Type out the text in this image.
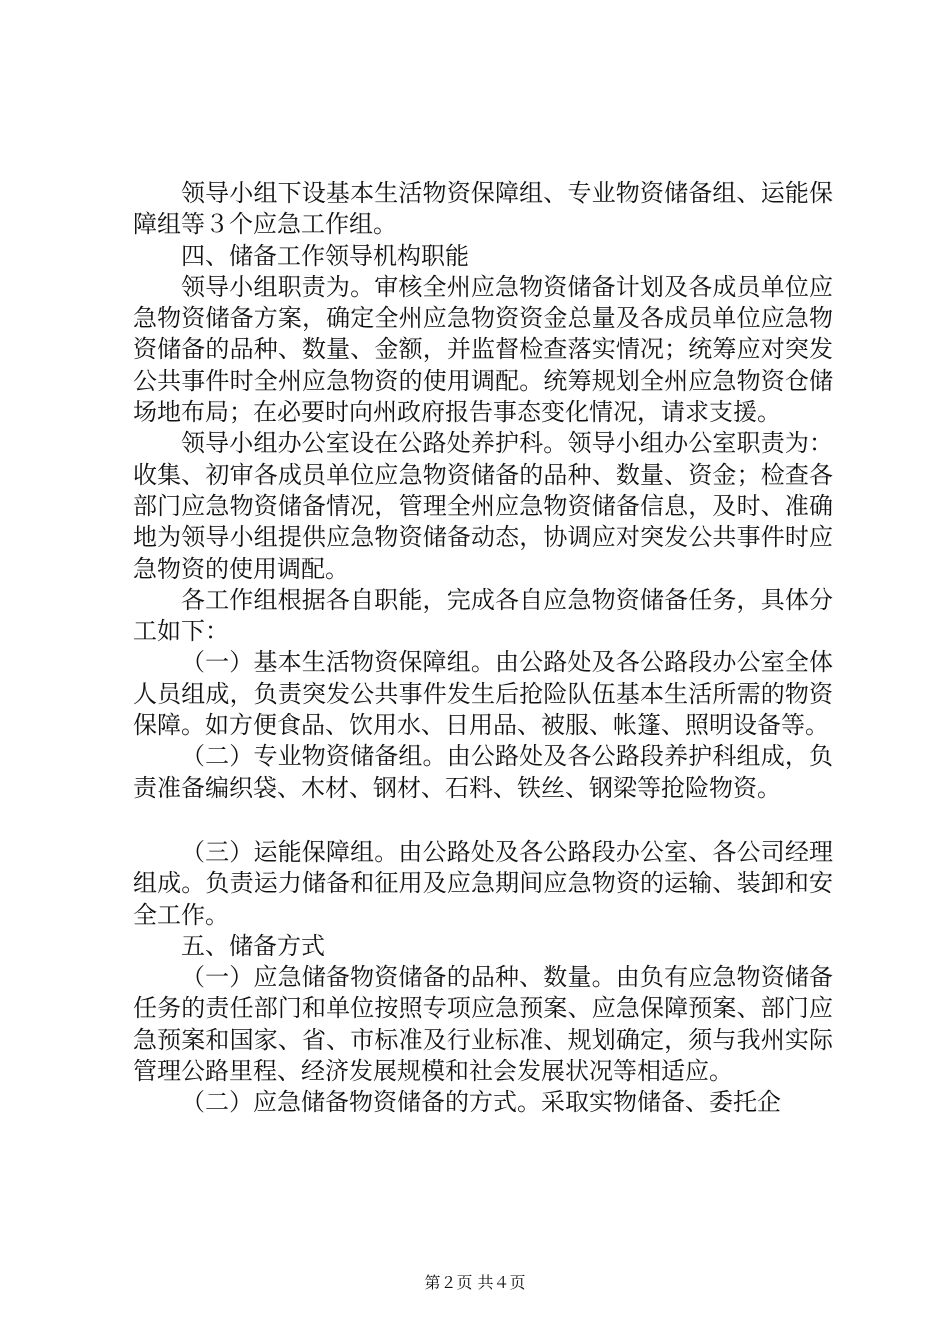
领导小组下设基本生活物资保障组、专业物资储备组、运能保障组等３个应急工作组。

四、储备工作领导机构职能

领导小组职责为。审核全州应急物资储备计划及各成员单位应急物资储备方案，确定全州应急物资资金总量及各成员单位应急物资储备的品种、数量、金额，并监督检查落实情况；统筹应对突发公共事件时全州应急物资的使用调配。统筹规划全州应急物资仓储场地布局；在必要时向州政府报告事态变化情况，请求支援。

领导小组办公室设在公路处养护科。领导小组办公室职责为：收集、初审各成员单位应急物资储备的品种、数量、资金；检查各部门应急物资储备情况，管理全州应急物资储备信息，及时、准确地为领导小组提供应急物资储备动态，协调应对突发公共事件时应急物资的使用调配。

各工作组根据各自职能，完成各自应急物资储备任务，具体分工如下：

（一）基本生活物资保障组。由公路处及各公路段办公室全体人员组成，负责突发公共事件发生后抢险队伍基本生活所需的物资保障。如方便食品、饮用水、日用品、被服、帐篷、照明设备等。

（二）专业物资储备组。由公路处及各公路段养护科组成，负责准备编织袋、木材、钢材、石料、铁丝、钢梁等抢险物资。

（三）运能保障组。由公路处及各公路段办公室、各公司经理组成。负责运力储备和征用及应急期间应急物资的运输、装卸和安全工作。

五、储备方式

（一）应急储备物资储备的品种、数量。由负有应急物资储备任务的责任部门和单位按照专项应急预案、应急保障预案、部门应急预案和国家、省、市标准及行业标准、规划确定，须与我州实际管理公路里程、经济发展规模和社会发展状况等相适应。

（二）应急储备物资储备的方式。采取实物储备、委托企

第２页 共４页
